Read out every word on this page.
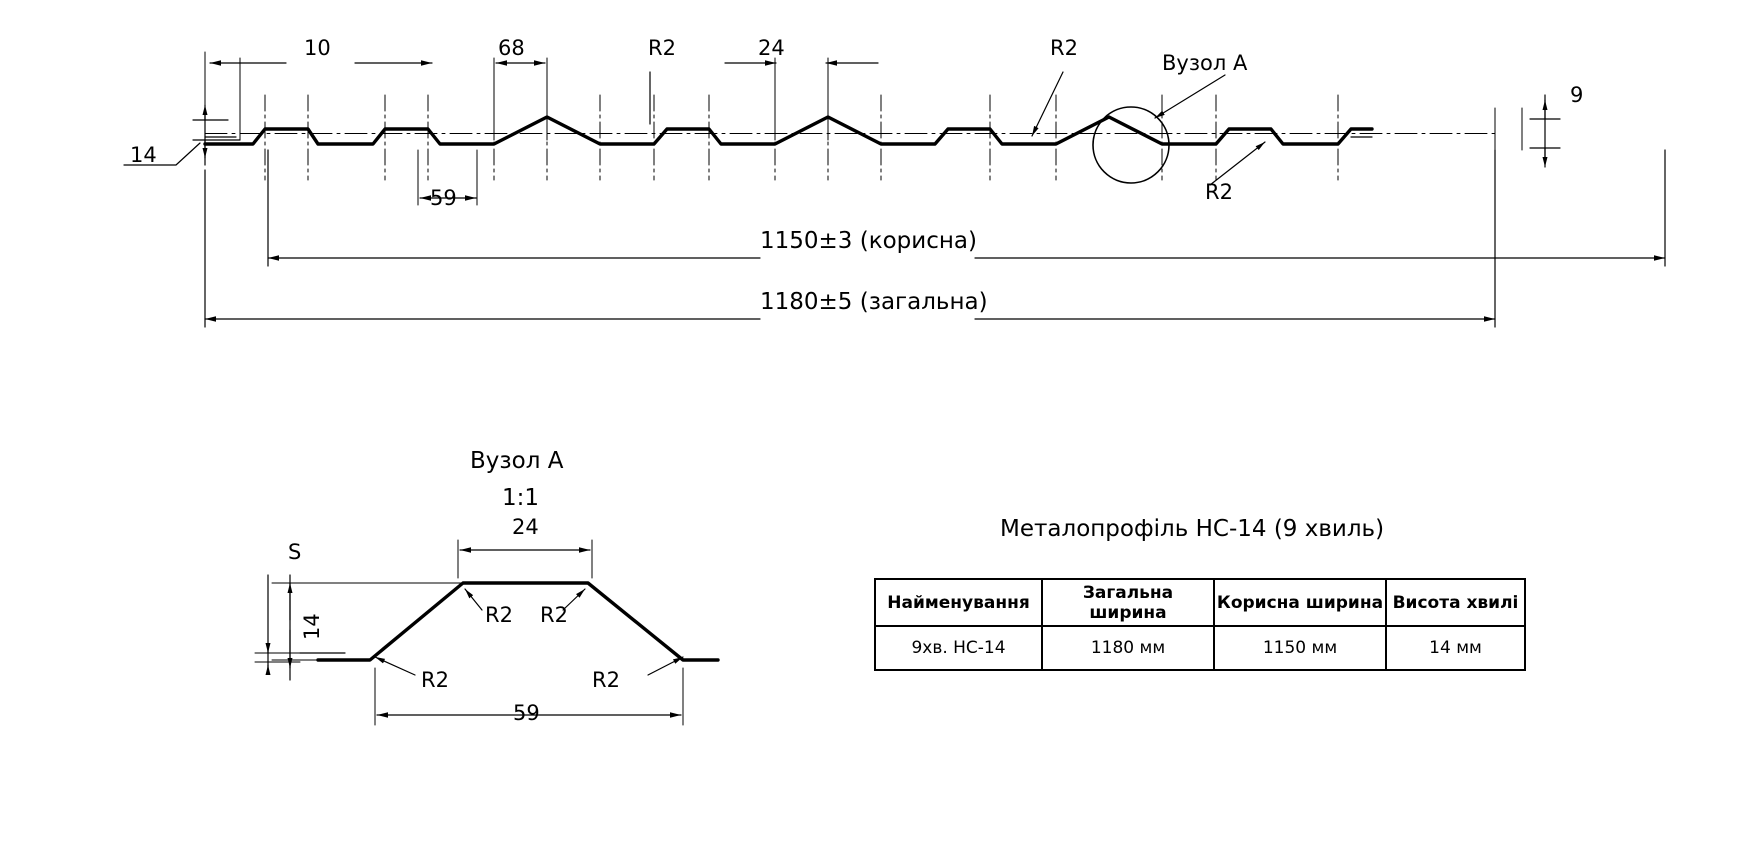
10	68	R2	24	R2
Вузол А
9
14
59	R2
1150±3 (корисна)
1180±5 (загальна)
Вузол А
1:1
24
S
14	R2 R2
R2	R2
59
Металопрофіль НС-14 (9 хвиль)
Найменування	Загальна ширина	Корисна ширина	Висота хвилі
9хв. НС-14	1180 мм	1150 мм	14 мм
